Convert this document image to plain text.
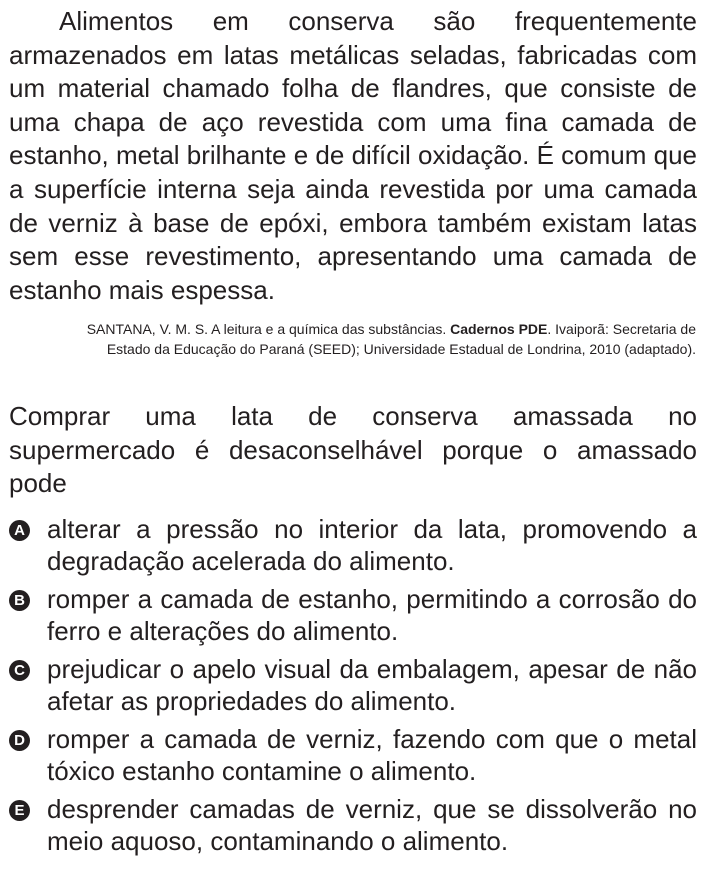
Alimentos em conserva são frequentemente armazenados em latas metálicas seladas, fabricadas com um material chamado folha de flandres, que consiste de uma chapa de aço revestida com uma fina camada de estanho, metal brilhante e de difícil oxidação. É comum que a superfície interna seja ainda revestida por uma camada de verniz à base de epóxi, embora também existam latas sem esse revestimento, apresentando uma camada de estanho mais espessa.

SANTANA, V. M. S. A leitura e a química das substâncias. Cadernos PDE. Ivaiporã: Secretaria de Estado da Educação do Paraná (SEED); Universidade Estadual de Londrina, 2010 (adaptado).

Comprar uma lata de conserva amassada no supermercado é desaconselhável porque o amassado pode

A alterar a pressão no interior da lata, promovendo a degradação acelerada do alimento.
B romper a camada de estanho, permitindo a corrosão do ferro e alterações do alimento.
C prejudicar o apelo visual da embalagem, apesar de não afetar as propriedades do alimento.
D romper a camada de verniz, fazendo com que o metal tóxico estanho contamine o alimento.
E desprender camadas de verniz, que se dissolverão no meio aquoso, contaminando o alimento.
